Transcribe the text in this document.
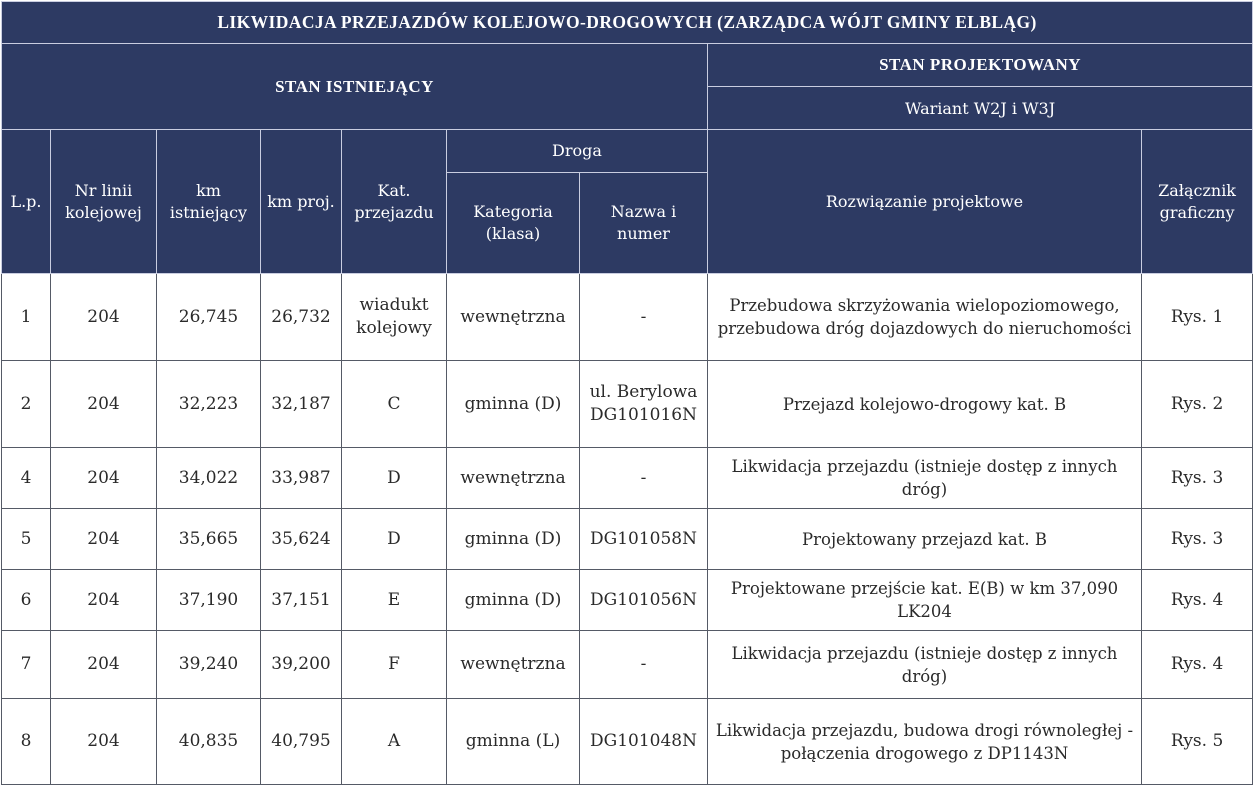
LIKWIDACJA PRZEJAZDÓW KOLEJOWO-DROGOWYCH (ZARZĄDCA WÓJT GMINY ELBLĄG)								
STAN ISTNIEJĄCY							STAN PROJEKTOWANY	
							Wariant W2J i W3J	
L.p.	Nr linii kolejowej	km istniejący	km proj.	Kat. przejazdu	Droga		Rozwiązanie projektowe	Załącznik graficzny
					Kategoria (klasa)	Nazwa i numer		
1	204	26,745	26,732	wiadukt kolejowy	wewnętrzna	-	Przebudowa skrzyżowania wielopoziomowego, przebudowa dróg dojazdowych do nieruchomości	Rys. 1
2	204	32,223	32,187	C	gminna (D)	ul. Berylowa DG101016N	Przejazd kolejowo-drogowy kat. B	Rys. 2
4	204	34,022	33,987	D	wewnętrzna	-	Likwidacja przejazdu (istnieje dostęp z innych dróg)	Rys. 3
5	204	35,665	35,624	D	gminna (D)	DG101058N	Projektowany przejazd kat. B	Rys. 3
6	204	37,190	37,151	E	gminna (D)	DG101056N	Projektowane przejście kat. E(B) w km 37,090 LK204	Rys. 4
7	204	39,240	39,200	F	wewnętrzna	-	Likwidacja przejazdu (istnieje dostęp z innych dróg)	Rys. 4
8	204	40,835	40,795	A	gminna (L)	DG101048N	Likwidacja przejazdu, budowa drogi równoległej - połączenia drogowego z DP1143N	Rys. 5
